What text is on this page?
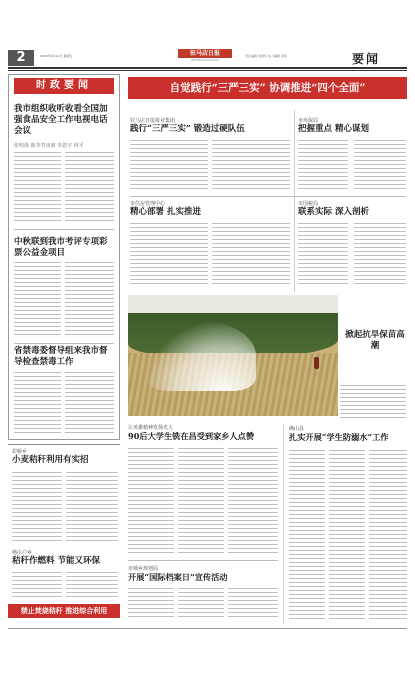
2	2015年6月12日 星期五	驻马店日报
ZHUMADIAN DAILY
责任编辑 刘建华 实习编辑 李毅	要闻
时政要闻
我市组织收听收看全国加强食品安全工作电视电话会议
张明体 陈李寿出席 李恩宇 林平
中秋联到我市考评专项彩票公益金项目
省禁毒委督导组来我市督导检查禁毒工作
自觉践行“三严三实” 协调推进“四个全面”
驻马店日报报业集团
践行“三严三实” 锻造过硬队伍
市环保局
把握重点 精心谋划
市住房管理中心
精心部署 扎实推进
市国税局
联系实际 深入剖析
掀起抗旱保苗高潮
彩桥乡
小麦秸秆利用有实招
杨庄户乡
秸秆作燃料 节能又环保
禁止焚烧秸秆 推进综合利用
让英雄精神发扬光大
90后大学生铣在昌受到家乡人点赞
市城乡规划局
开展“国际档案日”宣传活动
确山县
扎实开展“学生防溺水”工作
